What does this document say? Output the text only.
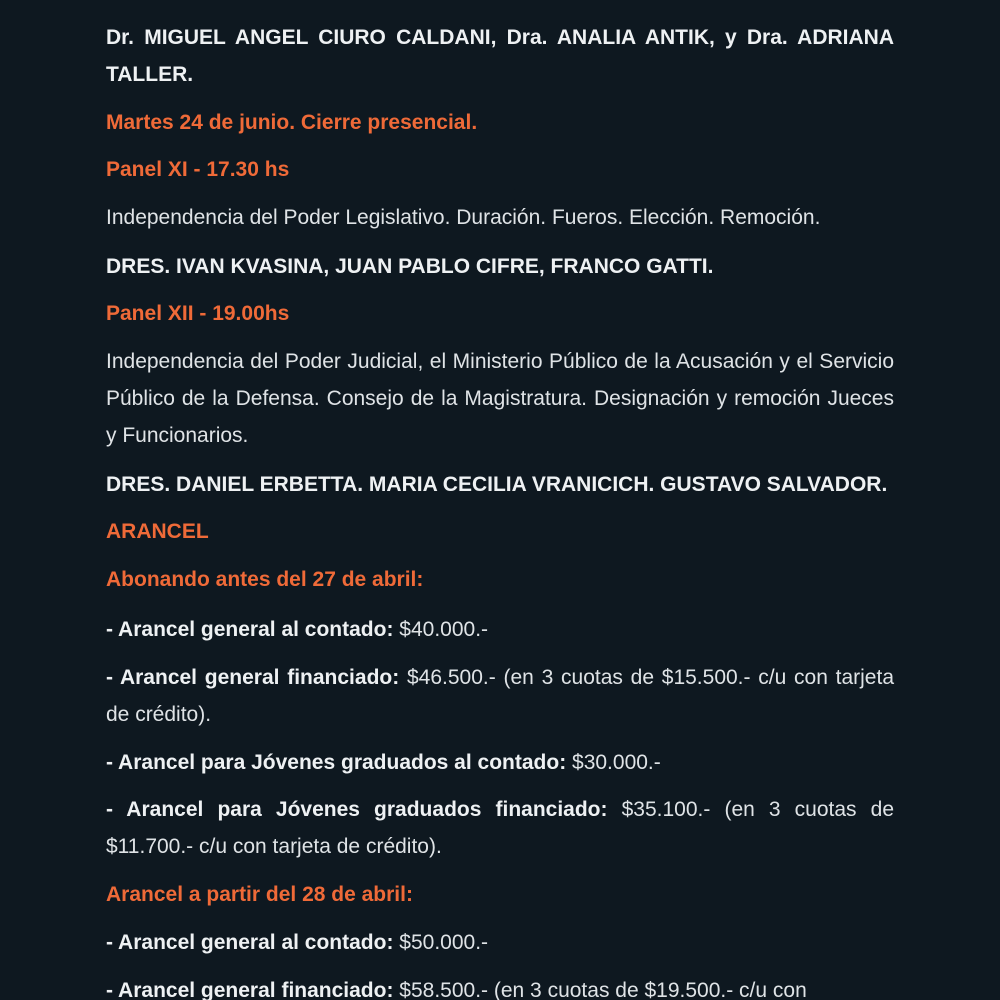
Dr. MIGUEL ANGEL CIURO CALDANI, Dra. ANALIA ANTIK, y Dra. ADRIANA TALLER.

Martes 24 de junio. Cierre presencial.

Panel XI - 17.30 hs

Independencia del Poder Legislativo. Duración. Fueros. Elección. Remoción.

DRES. IVAN KVASINA, JUAN PABLO CIFRE, FRANCO GATTI.

Panel XII - 19.00hs

Independencia del Poder Judicial, el Ministerio Público de la Acusación y el Servicio Público de la Defensa. Consejo de la Magistratura. Designación y remoción Jueces y Funcionarios.

DRES. DANIEL ERBETTA. MARIA CECILIA VRANICICH. GUSTAVO SALVADOR.

ARANCEL

Abonando antes del 27 de abril:

- Arancel general al contado: $40.000.-

- Arancel general financiado: $46.500.- (en 3 cuotas de $15.500.- c/u con tarjeta de crédito).

- Arancel para Jóvenes graduados al contado: $30.000.-

- Arancel para Jóvenes graduados financiado: $35.100.- (en 3 cuotas de $11.700.- c/u con tarjeta de crédito).

Arancel a partir del 28 de abril:

- Arancel general al contado: $50.000.-

- Arancel general financiado: $58.500.- (en 3 cuotas de $19.500.- c/u con
